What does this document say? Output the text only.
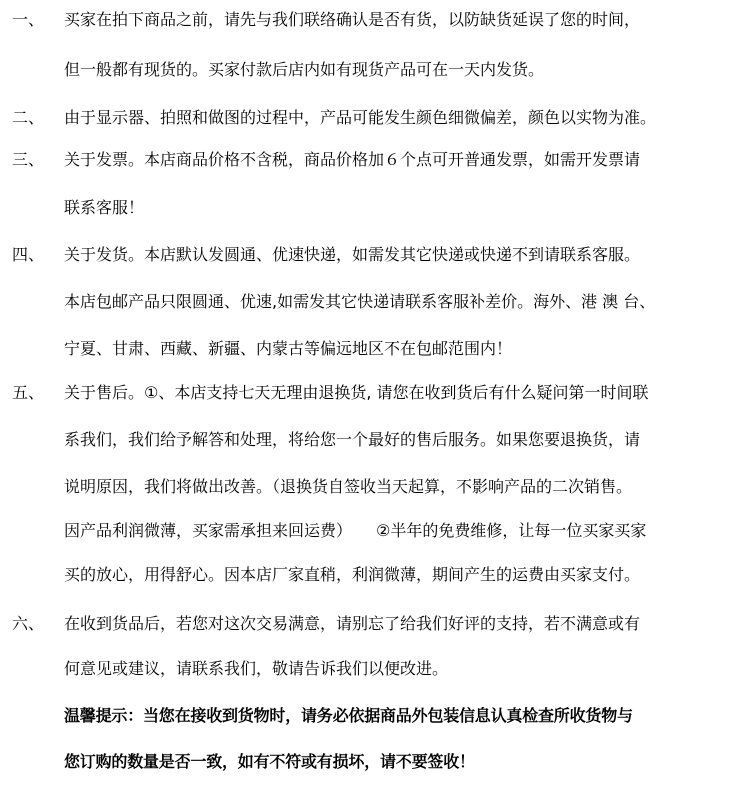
一、 买家在拍下商品之前，请先与我们联络确认是否有货，以防缺货延误了您的时间，
但一般都有现货的。买家付款后店内如有现货产品可在一天内发货。
二、 由于显示器、拍照和做图的过程中，产品可能发生颜色细微偏差，颜色以实物为准。
三、 关于发票。本店商品价格不含税，商品价格加６个点可开普通发票，如需开发票请
联系客服！
四、 关于发货。本店默认发圆通、优速快递，如需发其它快递或快递不到请联系客服。
本店包邮产品只限圆通、优速,如需发其它快递请联系客服补差价。海外、港 澳 台、
宁夏、甘肃、西藏、新疆、内蒙古等偏远地区不在包邮范围内！
五、 关于售后。①、本店支持七天无理由退换货, 请您在收到货后有什么疑问第一时间联
系我们，我们给予解答和处理，将给您一个最好的售后服务。如果您要退换货，请
说明原因，我们将做出改善。（退换货自签收当天起算，不影响产品的二次销售。
因产品利润微薄，买家需承担来回运费）　　②半年的免费维修，让每一位买家买家
买的放心，用得舒心。因本店厂家直稍，利润微薄，期间产生的运费由买家支付。
六、 在收到货品后，若您对这次交易满意，请别忘了给我们好评的支持，若不满意或有
何意见或建议，请联系我们，敬请告诉我们以便改进。
温馨提示：当您在接收到货物时，请务必依据商品外包装信息认真检查所收货物与
您订购的数量是否一致，如有不符或有损坏，请不要签收！
